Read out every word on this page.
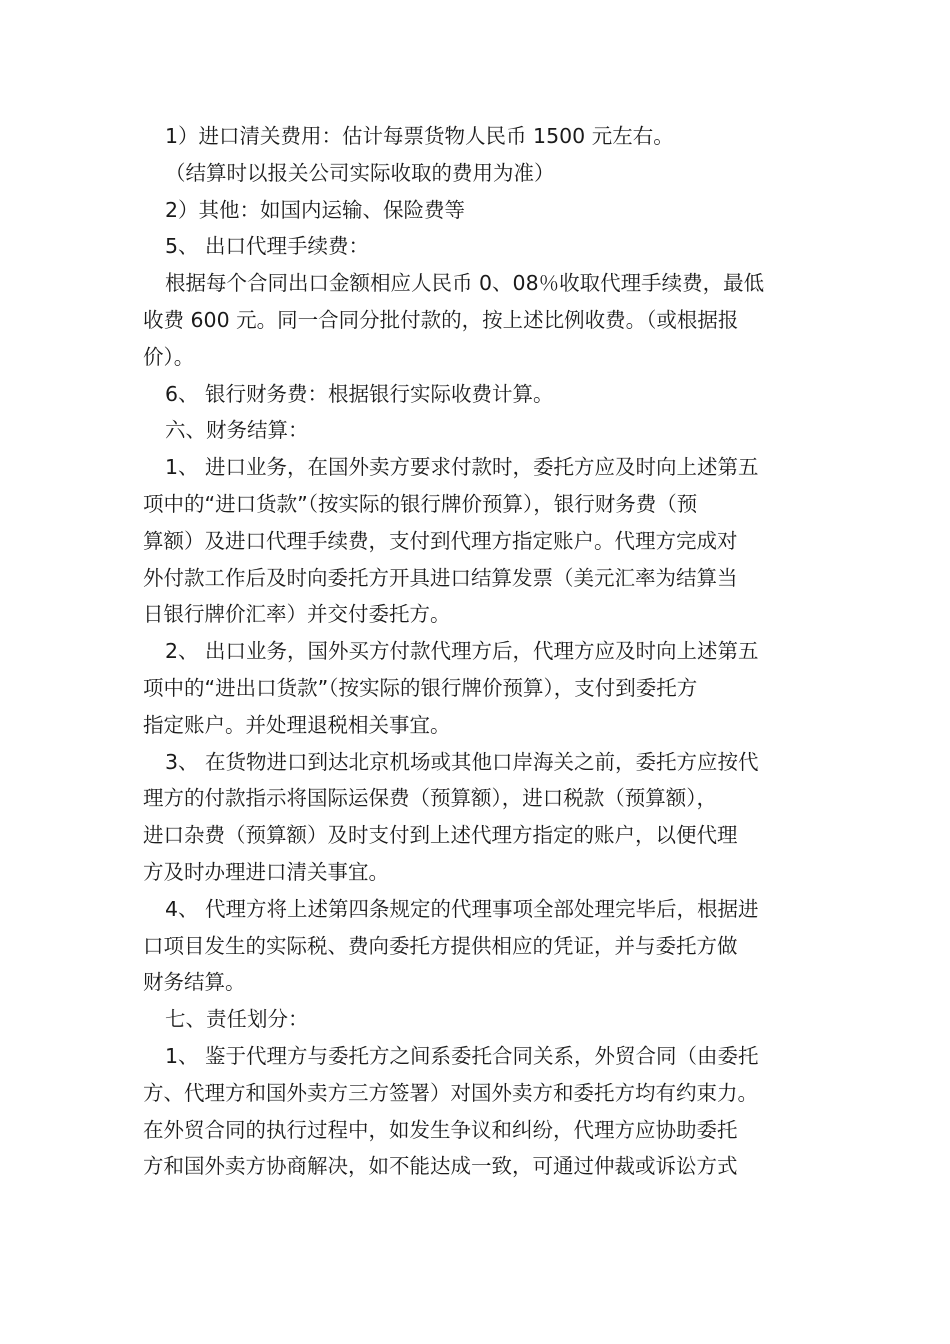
1）进口清关费用：估计每票货物人民币 1500 元左右。
（结算时以报关公司实际收取的费用为准）
2）其他：如国内运输、保险费等
5、 出口代理手续费：
根据每个合同出口金额相应人民币 0、08％收取代理手续费，最低
收费 600 元。同一合同分批付款的，按上述比例收费。（或根据报
价）。
6、 银行财务费：根据银行实际收费计算。
六、财务结算：
1、 进口业务，在国外卖方要求付款时，委托方应及时向上述第五
项中的“进口货款”（按实际的银行牌价预算），银行财务费（预
算额）及进口代理手续费，支付到代理方指定账户。代理方完成对
外付款工作后及时向委托方开具进口结算发票（美元汇率为结算当
日银行牌价汇率）并交付委托方。
2、 出口业务，国外买方付款代理方后，代理方应及时向上述第五
项中的“进出口货款”（按实际的银行牌价预算），支付到委托方
指定账户。并处理退税相关事宜。
3、 在货物进口到达北京机场或其他口岸海关之前，委托方应按代
理方的付款指示将国际运保费（预算额），进口税款（预算额），
进口杂费（预算额）及时支付到上述代理方指定的账户，以便代理
方及时办理进口清关事宜。
4、 代理方将上述第四条规定的代理事项全部处理完毕后，根据进
口项目发生的实际税、费向委托方提供相应的凭证，并与委托方做
财务结算。
七、责任划分：
1、 鉴于代理方与委托方之间系委托合同关系，外贸合同（由委托
方、代理方和国外卖方三方签署）对国外卖方和委托方均有约束力。
在外贸合同的执行过程中，如发生争议和纠纷，代理方应协助委托
方和国外卖方协商解决，如不能达成一致，可通过仲裁或诉讼方式
